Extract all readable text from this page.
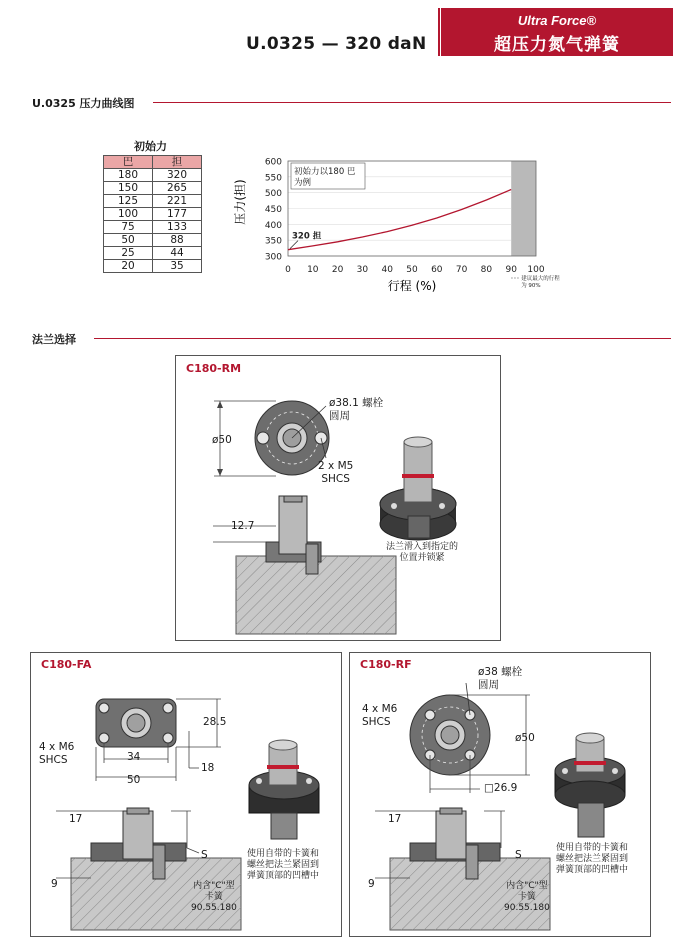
U.0325 — 320 daN
Ultra Force®
超压力氮气弹簧
U.0325 压力曲线图
初始力
巴	担
180	320
150	265
125	221
100	177
75	133
50	88
25	44
20	35
压力(担)
行程 (%)
300
350
400
450
500
550
600
0 10 20 30 40 50 60 70 80 90 100
初始力以180 巴
为例
320 担
建议最大的行程
为 90%
法兰选择
C180-RM
ø50
ø38.1 螺栓
圆周
2 x M5
SHCS
12.7
法兰滑入到指定的
位置并锁紧
C180-FA
4 x M6
SHCS
28.5
34
50
18
17
9
S
内含"C"型
卡簧
90.55.180
使用自带的卡簧和
螺丝把法兰紧固到
弹簧顶部的凹槽中
C180-RF
ø38 螺栓
圆周
4 x M6
SHCS
ø50
□26.9
17
9
S
内含"C"型
卡簧
90.55.180
使用自带的卡簧和
螺丝把法兰紧固到
弹簧顶部的凹槽中
